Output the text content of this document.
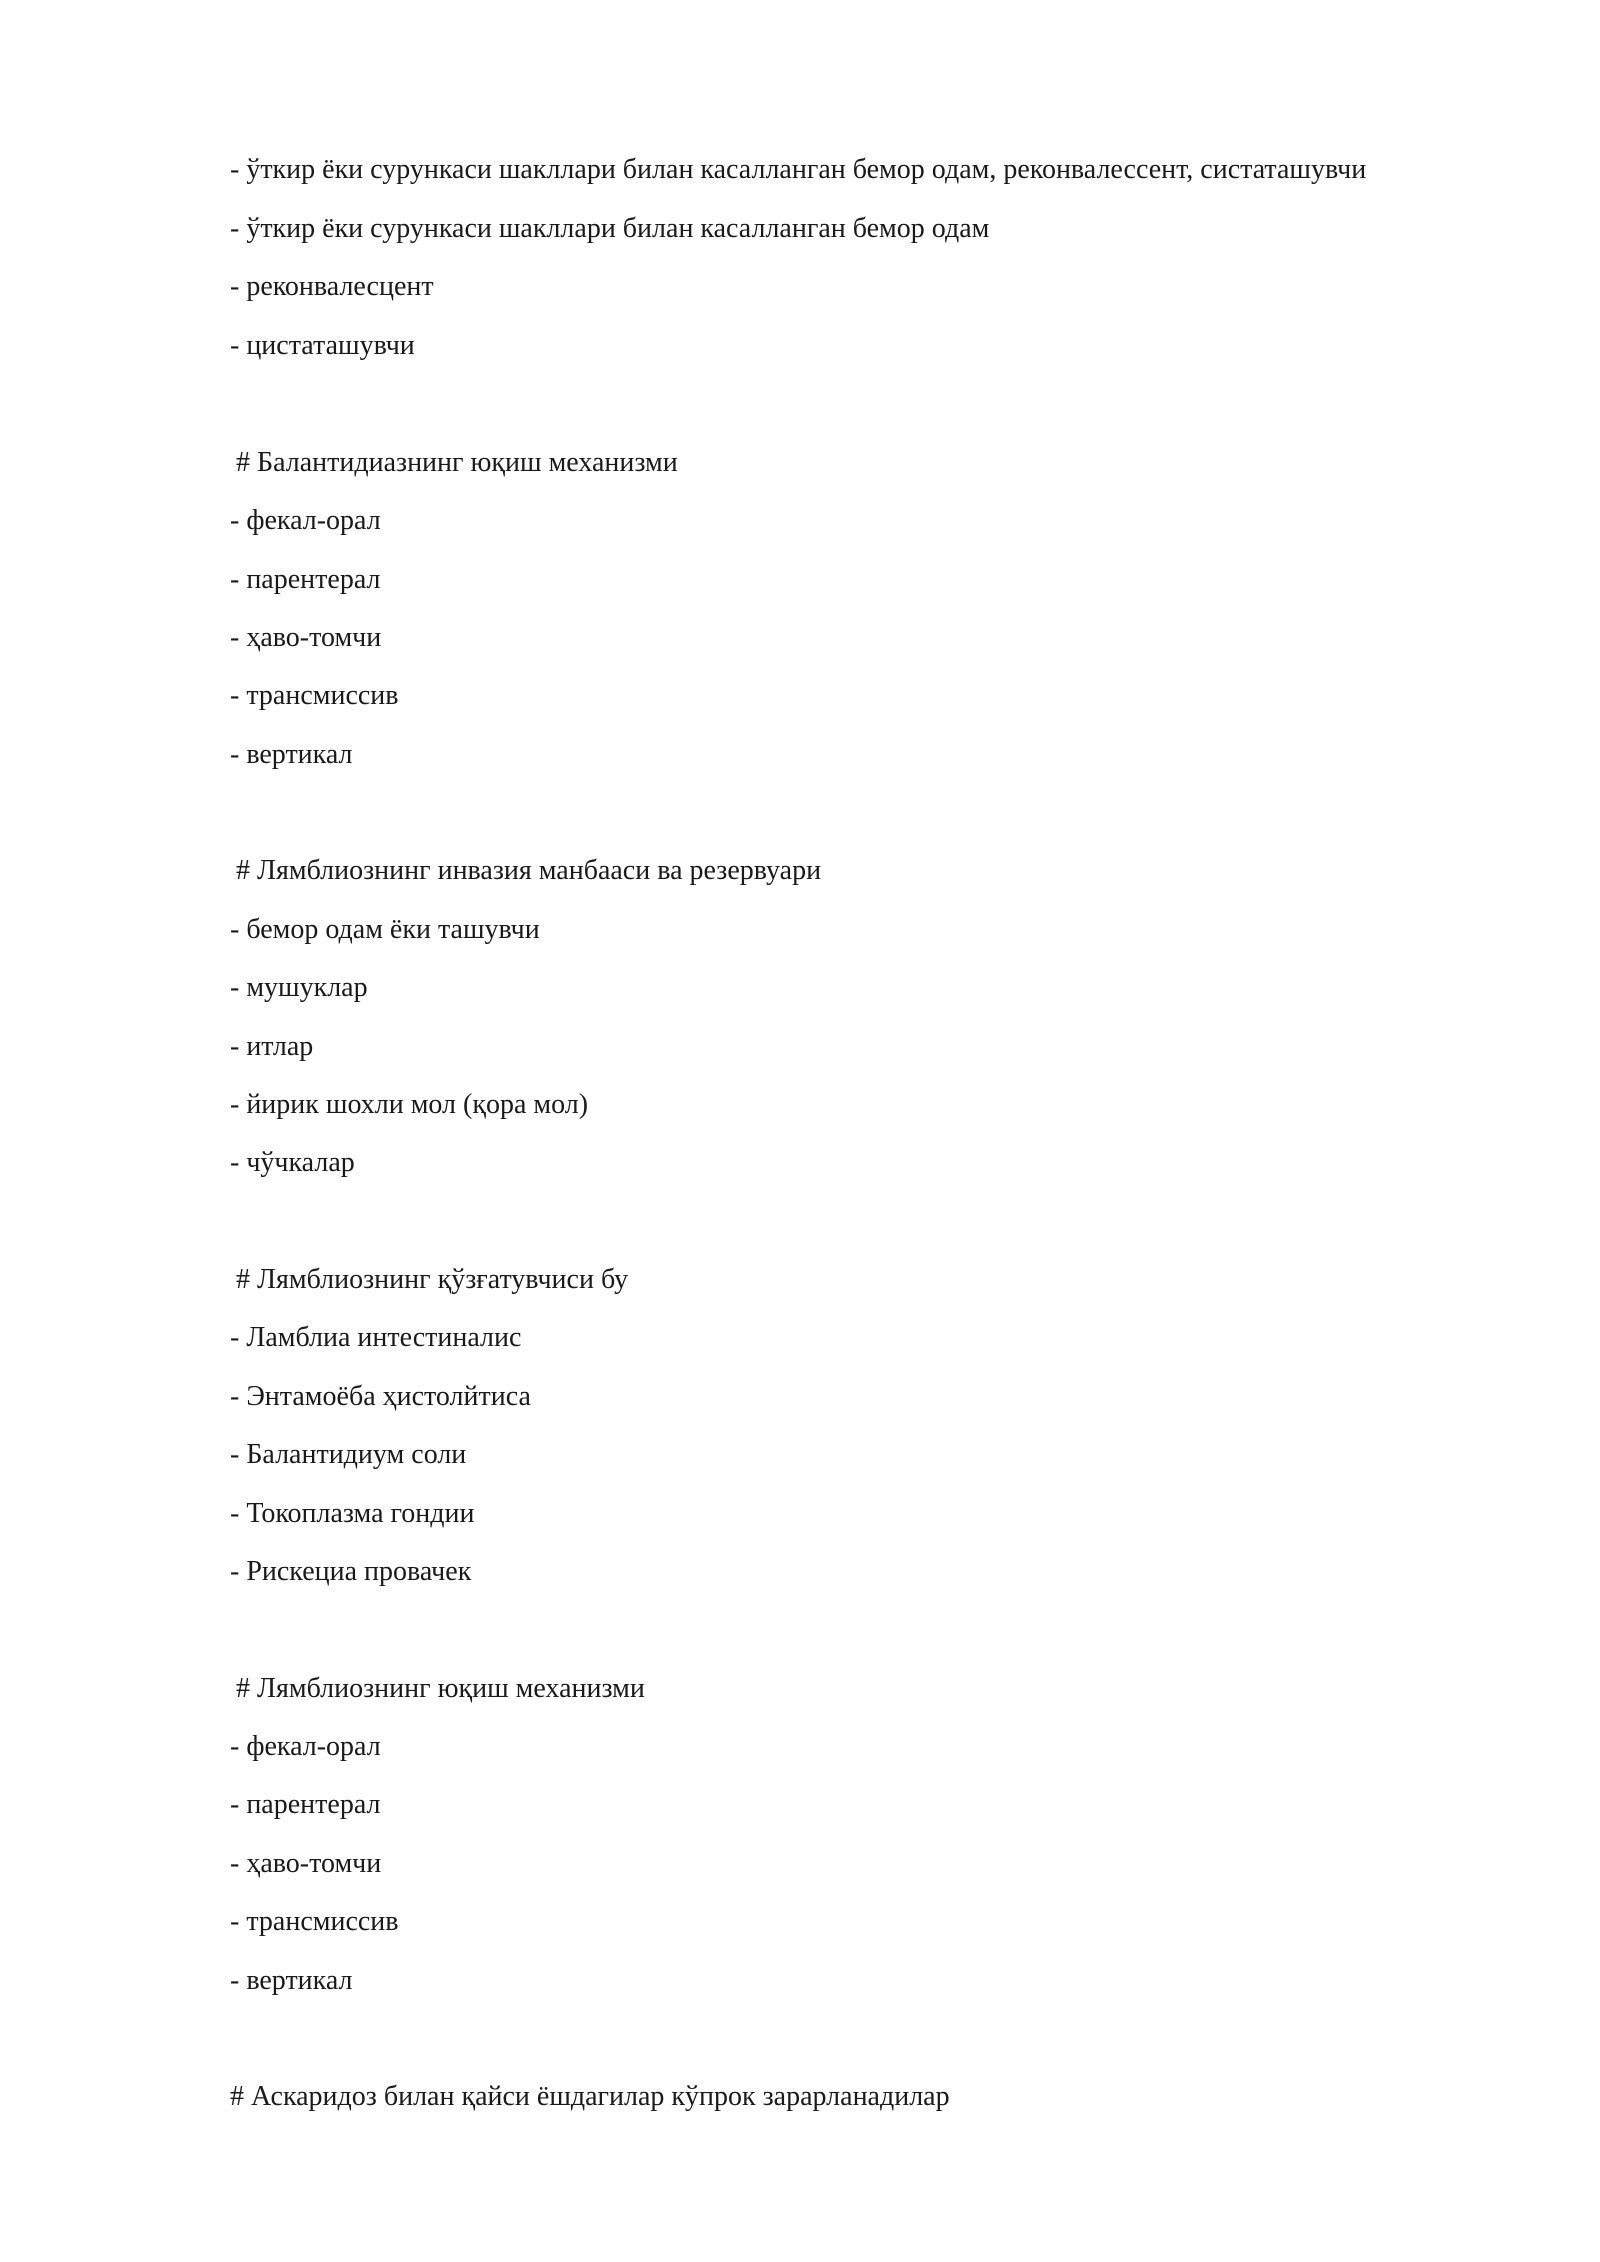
- ўткир ёки сурункаси шакллари билан касалланган бемор одам, реконвалессент, систаташувчи
- ўткир ёки сурункаси шакллари билан касалланган бемор одам
- реконвалесцент
- цистаташувчи
# Балантидиазнинг юқиш механизми
- фекал-орал
- парентерал
- ҳаво-томчи
- трансмиссив
- вертикал
# Лямблиознинг инвазия манбааси ва резервуари
- бемор одам ёки ташувчи
- мушуклар
- итлар
- йирик шохли мол (қора мол)
- чўчкалар
# Лямблиознинг қўзғатувчиси бу
- Ламблиа интестиналис
- Энтамоёба ҳистолйтиса
- Балантидиум соли
- Токоплазма гондии
- Рискециа провачек
# Лямблиознинг юқиш механизми
- фекал-орал
- парентерал
- ҳаво-томчи
- трансмиссив
- вертикал
# Аскаридоз билан қайси ёшдагилар кўпрок зарарланадилар
